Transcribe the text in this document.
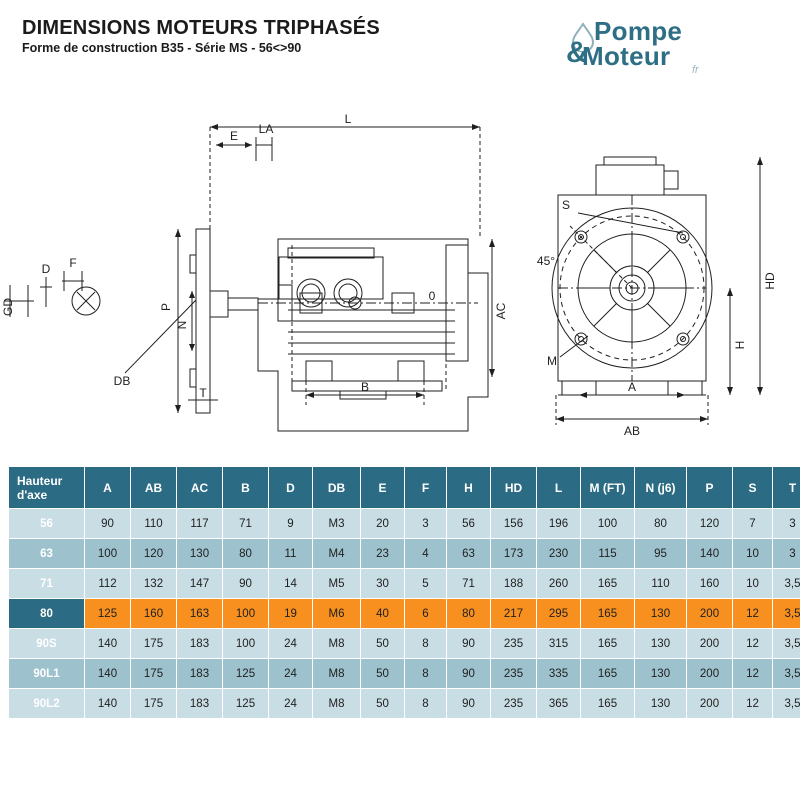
DIMENSIONS MOTEURS TRIPHASÉS
Forme de construction B35 - Série MS - 56<>90
Pompe
&
Moteur fr
L
E LA
P
N
T	B
AC
DB
D F
GD
0
S
M
HD
H
A
AB
45°
Hauteur
d'axe	A	AB	AC	B	D	DB	E	F	H	HD	L	M (FT)	N (j6)	P	S	T
56	90	110	117	71	9	M3	20	3	56	156	196	100	80	120	7	3
63	100	120	130	80	11	M4	23	4	63	173	230	115	95	140	10	3
71	112	132	147	90	14	M5	30	5	71	188	260	165	110	160	10	3,5
80	125	160	163	100	19	M6	40	6	80	217	295	165	130	200	12	3,5
90S	140	175	183	100	24	M8	50	8	90	235	315	165	130	200	12	3,5
90L1	140	175	183	125	24	M8	50	8	90	235	335	165	130	200	12	3,5
90L2	140	175	183	125	24	M8	50	8	90	235	365	165	130	200	12	3,5
